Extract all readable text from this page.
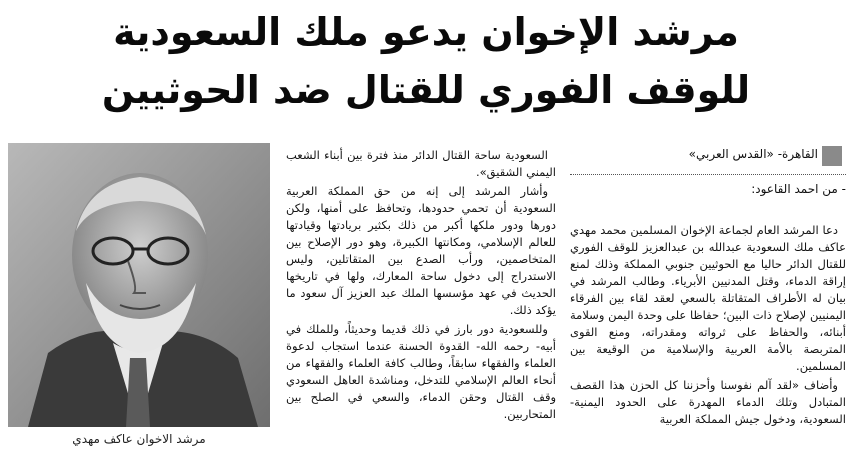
مرشد الإخوان يدعو ملك السعودية
للوقف الفوري للقتال ضد الحوثيين
مرشد الاخوان عاكف مهدي

السعودية ساحة القتال الدائر منذ فترة بين أبناء الشعب اليمني الشقيق».

وأشار المرشد إلى إنه من حق المملكة العربية السعودية أن تحمي حدودها، وتحافظ على أمنها، ولكن دورها ودور ملكها أكبر من ذلك بكثير بريادتها وقيادتها للعالم الإسلامي، ومكانتها الكبيرة، وهو دور الإصلاح بين المتخاصمين، ورأب الصدع بين المتقاتلين، وليس الاستدراج إلى دخول ساحة المعارك، ولها في تاريخها الحديث في عهد مؤسسها الملك عبد العزيز آل سعود ما يؤكد ذلك.

وللسعودية دور بارز في ذلك قديما وحديثاً، وللملك في أبيه- رحمه الله- القدوة الحسنة عندما استجاب لدعوة العلماء والفقهاء سابقاً، وطالب كافة العلماء والفقهاء من أنحاء العالم الإسلامي للتدخل، ومناشدة العاهل السعودي وقف القتال وحقن الدماء، والسعي في الصلح بين المتحاربين.

القاهرة- «القدس العربي»
- من احمد القاعود:

دعا المرشد العام لجماعة الإخوان المسلمين محمد مهدي عاكف ملك السعودية عبدالله بن عبدالعزيز للوقف الفوري للقتال الدائر حاليا مع الحوثيين جنوبي المملكة وذلك لمنع إراقة الدماء، وقتل المدنيين الأبرياء. وطالب المرشد في بيان له الأطراف المتقاتلة بالسعي لعقد لقاء بين الفرقاء اليمنيين لإصلاح ذات البين؛ حفاظا على وحدة اليمن وسلامة أبنائه، والحفاظ على ثرواته ومقدراته، ومنع القوى المتربصة بالأمة العربية والإسلامية من الوقيعة بين المسلمين.

وأضاف «لقد آلم نفوسنا وأحزننا كل الحزن هذا القصف المتبادل وتلك الدماء المهدرة على الحدود اليمنية- السعودية، ودخول جيش المملكة العربية
